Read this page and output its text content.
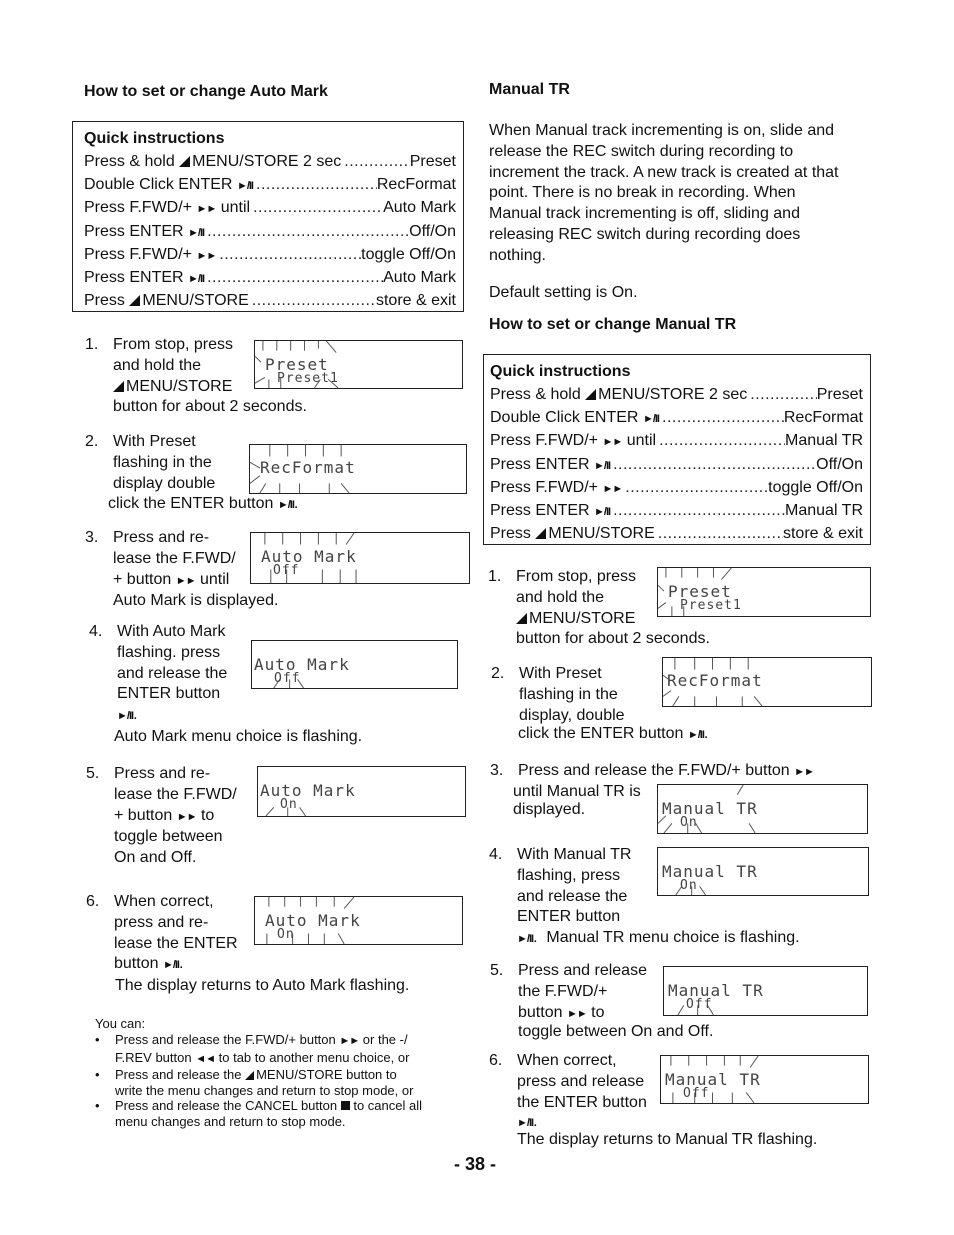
How to set or change Auto Mark
Quick instructions
Press & hold MENU/STORE 2 sec .....	Preset
Double Click ENTER ►/II .....	RecFormat
Press F.FWD/+ ►► until .....	Auto Mark
Press ENTER ►/II .....	Off/On
Press F.FWD/+ ►► .....	toggle Off/On
Press ENTER ►/II .....	Auto Mark
Press MENU/STORE .....	store & exit
1. From stop, press
and hold the
MENU/STORE
button for about 2 seconds.
Preset
Preset1
2. With Preset
flashing in the
display double
click the ENTER button ►/II.
RecFormat
3. Press and re-
lease the F.FWD/
+ button ►► until
Auto Mark is displayed.
Auto Mark
Off
4. With Auto Mark
flashing. press
and release the
ENTER button
►/II.
Auto Mark menu choice is flashing.
Auto Mark
Off
5. Press and re-
lease the F.FWD/
+ button ►► to
toggle between
On and Off.
Auto Mark
On
6. When correct,
press and re-
lease the ENTER
button ►/II.
The display returns to Auto Mark flashing.
Auto Mark
On
You can:
• Press and release the F.FWD/+ button ►► or the -/
F.REV button ◄◄ to tab to another menu choice, or
• Press and release the MENU/STORE button to
write the menu changes and return to stop mode, or
• Press and release the CANCEL button to cancel all
menu changes and return to stop mode.
Manual TR
When Manual track incrementing is on, slide and
release the REC switch during recording to
increment the track. A new track is created at that
point. There is no break in recording. When
Manual track incrementing is off, sliding and
releasing REC switch during recording does
nothing.
Default setting is On.
How to set or change Manual TR
Quick instructions
Press & hold MENU/STORE 2 sec .....	Preset
Double Click ENTER ►/II .....	RecFormat
Press F.FWD/+ ►► until .....	Manual TR
Press ENTER ►/II .....	Off/On
Press F.FWD/+ ►► .....	toggle Off/On
Press ENTER ►/II .....	Manual TR
Press MENU/STORE .....	store & exit
1. From stop, press
and hold the
MENU/STORE
button for about 2 seconds.
Preset
Preset1
2. With Preset
flashing in the
display, double
click the ENTER button ►/II.
RecFormat
3. Press and release the F.FWD/+ button ►►
until Manual TR is
displayed.	Manual TR
On
4. With Manual TR
flashing, press
and release the
ENTER button
►/II.  Manual TR menu choice is flashing.
Manual TR
On
5. Press and release
the F.FWD/+
button ►► to
toggle between On and Off.
Manual TR
Off
6. When correct,
press and release
the ENTER button
►/II.
The display returns to Manual TR flashing.
Manual TR
Off
- 38 -
